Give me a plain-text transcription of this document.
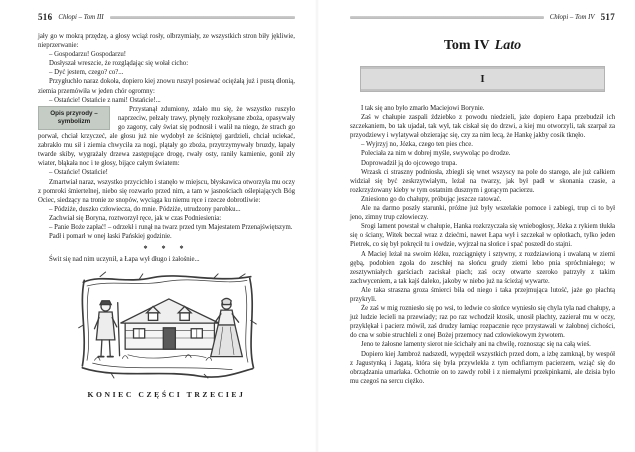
516 Chłopi – Tom III

jały go w mokrą przędzę, a głosy wciąż rosły, olbrzymiały, ze wszystkich stron biły jękliwie, nieprzerwanie:

– Gospodarzu! Gospodarzu!

Dosłyszał wreszcie, że rozglądając się wołał cicho:

– Dyć jestem, czego? co?...

Przygłuchło naraz dokoła, dopiero kiej znowu ruszył posiewać ociężałą już i pustą dłonią, ziemia przemówiła w jeden chór ogromny:

– Ostańcie! Ostańcie z nami! Ostańcie!...

Opis przyrody – symbolizm
Przystanął zdumiony, zdało mu się, że wszystko ruszyło naprzeciw, pełzały trawy, płynęły rozkołysane zboża, opasywały go zagony, cały świat się podnosił i walił na niego, że strach go porwał, chciał krzyczeć, ale głosu już nie wydobył ze ściśniętej gardzieli, chciał uciekać, zabrakło mu sił i ziemia chwyciła za nogi, plątały go zboża, przytrzymywały bruzdy, łapały twarde skiby, wygrażały drzewa zastępujące drogę, rwały osty, raniły kamienie, gonił zły wiater, błąkała noc i te głosy, bijące całym światem:

– Ostańcie! Ostańcie!

Zmartwiał naraz, wszystko przycichło i stanęło w miejscu, błyskawica otworzyła mu oczy z pomroki śmiertelnej, niebo się rozwarło przed nim, a tam w jasnościach oślepiających Bóg Ociec, siedzący na tronie ze snopów, wyciąga ku niemu ręce i rzecze dobrotliwie:

– Pódziże, duszko człowiecza, do mnie. Pódziże, utrudzony parobku...

Zachwiał się Boryna, roztworzył ręce, jak w czas Podniesienia:

– Panie Boże zapłać! – odrzekł i runął na twarz przed tym Majestatem Przenajświętszym.

Padł i pomarł w onej łaski Pańskiej godzinie.

* * *

Świt się nad nim uczynił, a Łapa wył długo i żałośnie...

KONIEC CZĘŚCI TRZECIEJ
Chłopi – Tom IV 517
Tom IV Lato
I

I tak się ano było zmarło Maciejowi Borynie.

Zaś w chałupie zaspali ździebko z powodu niedzieli, jaże dopiero Łapa przebudził ich szczekaniem, bo tak ujadał, tak wył, tak ciskał się do drzwi, a kiej mu otworzyli, tak szarpał za przyodziewy i wylatywał obzierając się, czy za nim lecą, że Hankę jakby cosik tknęło.

– Wyjrzyj no, Józka, czego ten pies chce.

Poleciała za nim w dobrej myśle, swywoląc po drodze.

Doprowadził ją do ojcowego trupa.

Wrzask ci straszny podniosła, zbiegli się wnet wszyscy na pole do starego, ale już całkiem widział się być zeskrzytwiałym, leżał na twarzy, jak był padł w skonania czasie, a rozkrzyżowany kieby w tym ostatnim dusznym i gorącym pacierzu.

Zniesiono go do chałupy, próbując jeszcze ratować.

Ale na darmo poszły starunki, próżne już były wszelakie pomoce i zabiegi, trup ci to był jeno, zimny trup człowieczy.

Srogi lament powstał w chałupie, Hanka rozkrzyczała się wniebogłosy, Józka z rykiem tłukła się o ściany, Witek beczał wraz z dziećmi, nawet Łapa wył i szczekał w opłotkach, tylko jeden Pietrek, co się był pokręcił tu i owdzie, wyjrzał na słońce i spać poszedł do stajni.

A Maciej leżał na swoim łóżku, rozciągnięty i sztywny, z rozdziawioną i uwalaną w ziemi gębą, podobien zgoła do zeschłej na słońcu grudy ziemi lebo pnia spróchniałego; w zesztywniałych garściach zaciskał piach; zaś oczy otwarte szeroko patrzyły z takim zachwyceniem, a tak kajś daleko, jakoby w niebo już na ścieżaj wywarte.

Ale taka straszna groza śmierci biła od niego i taka przejmująca lutość, jaże go płachtą przykryli.

Że zaś w mig rozniesło się po wsi, to ledwie co słońce wyniesło się chyla tyla nad chałupy, a już ludzie lecieli na przewiady; raz po raz wchodził ktosik, unosił płachty, zazierał mu w oczy, przyklękał i pacierz mówił, zaś drudzy łamiąc rozpacznie ręce przystawali w żałobnej cichości, do cna w sobie struchleli z onej Bożej przemocy nad człowiekowym żywotem.

Jeno te żałosne lamenty sierot nie ścichały ani na chwilę, roznosząc się na całą wieś.

Dopiero kiej Jambroż nadszedł, wypędził wszystkich przed dom, a izbę zamknął, by wespół z Jagustynką i Jagatą, która się była przywlekła z tym ochfiarnym pacierzem, wziąć się do obrządzania umarłaka. Ochotnie on to zawdy robił i z niemałymi przekpinkami, ale dzisia było mu czegoś na sercu ciężko.
